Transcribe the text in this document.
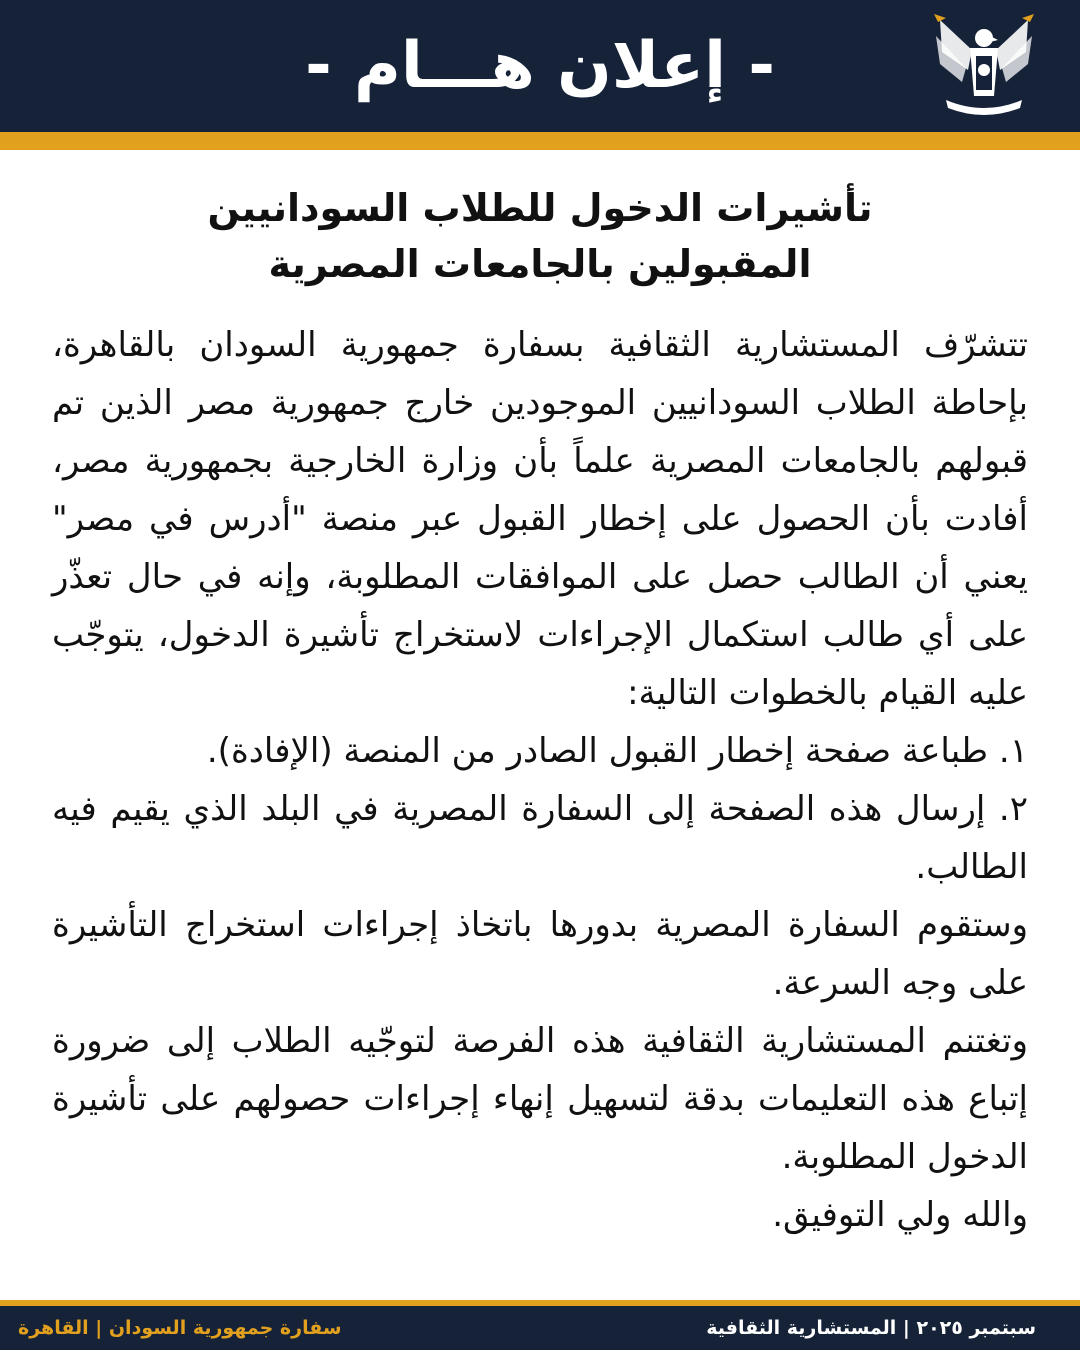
- إعلان هـــام -
تأشيرات الدخول للطلاب السودانيين المقبولين بالجامعات المصرية

تتشرّف المستشارية الثقافية بسفارة جمهورية السودان بالقاهرة، بإحاطة الطلاب السودانيين الموجودين خارج جمهورية مصر الذين تم قبولهم بالجامعات المصرية علماً بأن وزارة الخارجية بجمهورية مصر، أفادت بأن الحصول على إخطار القبول عبر منصة "أدرس في مصر" يعني أن الطالب حصل على الموافقات المطلوبة، وإنه في حال تعذّر على أي طالب استكمال الإجراءات لاستخراج تأشيرة الدخول، يتوجّب عليه القيام بالخطوات التالية:

١. طباعة صفحة إخطار القبول الصادر من المنصة (الإفادة).
٢. إرسال هذه الصفحة إلى السفارة المصرية في البلد الذي يقيم فيه الطالب.

وستقوم السفارة المصرية بدورها باتخاذ إجراءات استخراج التأشيرة على وجه السرعة.

وتغتنم المستشارية الثقافية هذه الفرصة لتوجّيه الطلاب إلى ضرورة إتباع هذه التعليمات بدقة لتسهيل إنهاء إجراءات حصولهم على تأشيرة الدخول المطلوبة.

والله ولي التوفيق.

سفارة جمهورية السودان | القاهرة	سبتمبر ٢٠٢٥ | المستشارية الثقافية
